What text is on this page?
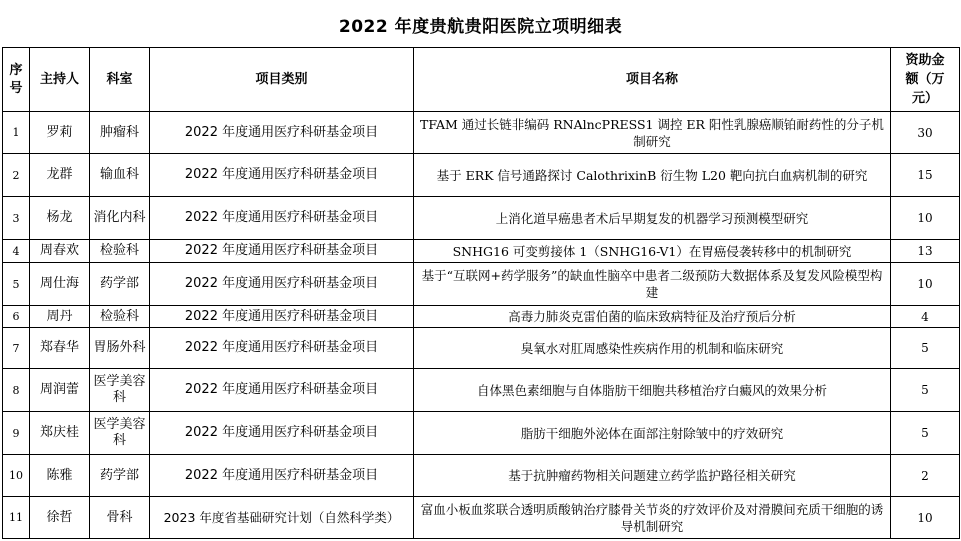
2022 年度贵航贵阳医院立项明细表
序号	主持人	科室	项目类别	项目名称	资助金额（万元）
1	罗莉	肿瘤科	2022 年度通用医疗科研基金项目	TFAM 通过长链非编码 RNAlncPRESS1 调控 ER 阳性乳腺癌顺铂耐药性的分子机制研究	30
2	龙群	输血科	2022 年度通用医疗科研基金项目	基于 ERK 信号通路探讨 CalothrixinB 衍生物 L20 靶向抗白血病机制的研究	15
3	杨龙	消化内科	2022 年度通用医疗科研基金项目	上消化道早癌患者术后早期复发的机器学习预测模型研究	10
4	周春欢	检验科	2022 年度通用医疗科研基金项目	SNHG16 可变剪接体 1（SNHG16-V1）在胃癌侵袭转移中的机制研究	13
5	周仕海	药学部	2022 年度通用医疗科研基金项目	基于“互联网+药学服务”的缺血性脑卒中患者二级预防大数据体系及复发风险模型构建	10
6	周丹	检验科	2022 年度通用医疗科研基金项目	高毒力肺炎克雷伯菌的临床致病特征及治疗预后分析	4
7	郑春华	胃肠外科	2022 年度通用医疗科研基金项目	臭氧水对肛周感染性疾病作用的机制和临床研究	5
8	周润蕾	医学美容科	2022 年度通用医疗科研基金项目	自体黑色素细胞与自体脂肪干细胞共移植治疗白癜风的效果分析	5
9	郑庆桂	医学美容科	2022 年度通用医疗科研基金项目	脂肪干细胞外泌体在面部注射除皱中的疗效研究	5
10	陈雅	药学部	2022 年度通用医疗科研基金项目	基于抗肿瘤药物相关问题建立药学监护路径相关研究	2
11	徐哲	骨科	2023 年度省基础研究计划（自然科学类）	富血小板血浆联合透明质酸钠治疗膝骨关节炎的疗效评价及对滑膜间充质干细胞的诱导机制研究	10
